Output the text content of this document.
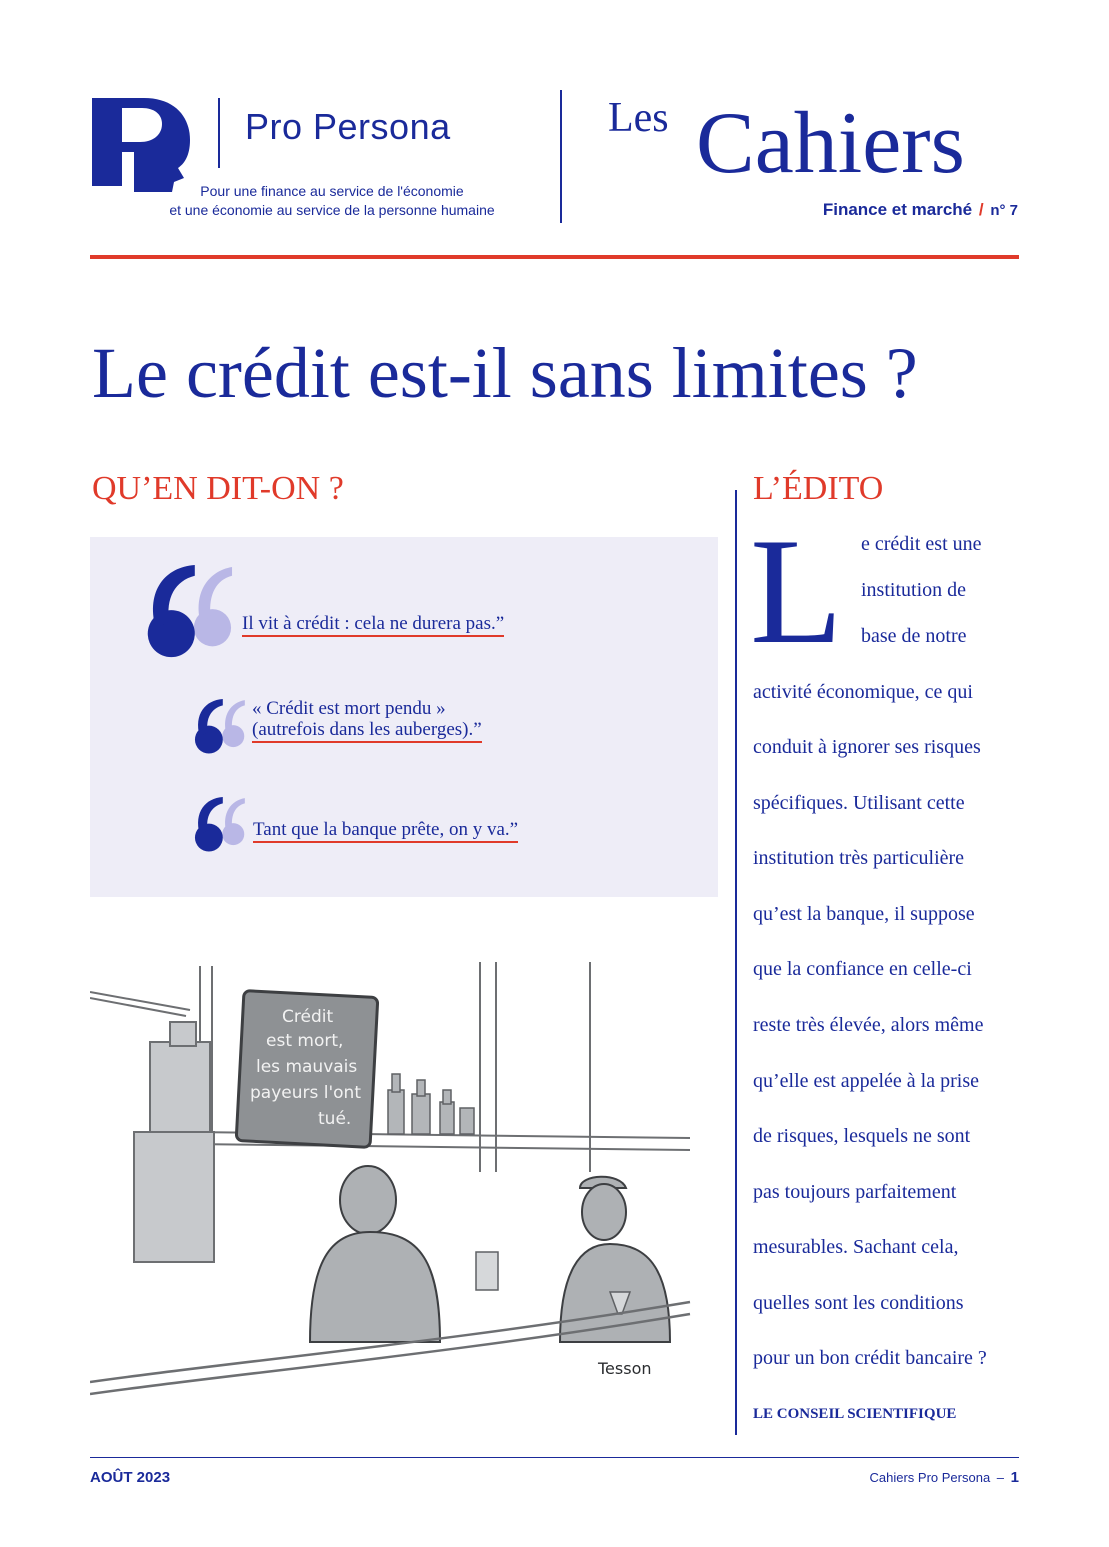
Pro Persona
Pour une finance au service de l'économie
et une économie au service de la personne humaine
Les Cahiers
Finance et marché / n° 7
Le crédit est-il sans limites ?
QU’EN DIT-ON ?
Il vit à crédit : cela ne durera pas.”
« Crédit est mort pendu »
(autrefois dans les auberges).”
Tant que la banque prête, on y va.”
Crédit
est mort,
les mauvais
payeurs l'ont
tué.
Tesson
L’ÉDITO
L e crédit est une
institution de
base de notre
activité économique, ce qui
conduit à ignorer ses risques
spécifiques. Utilisant cette
institution très particulière
qu’est la banque, il suppose
que la confiance en celle-ci
reste très élevée, alors même
qu’elle est appelée à la prise
de risques, lesquels ne sont
pas toujours parfaitement
mesurables. Sachant cela,
quelles sont les conditions
pour un bon crédit bancaire ?
LE CONSEIL SCIENTIFIQUE
AOÛT 2023	Cahiers Pro Persona – 1
